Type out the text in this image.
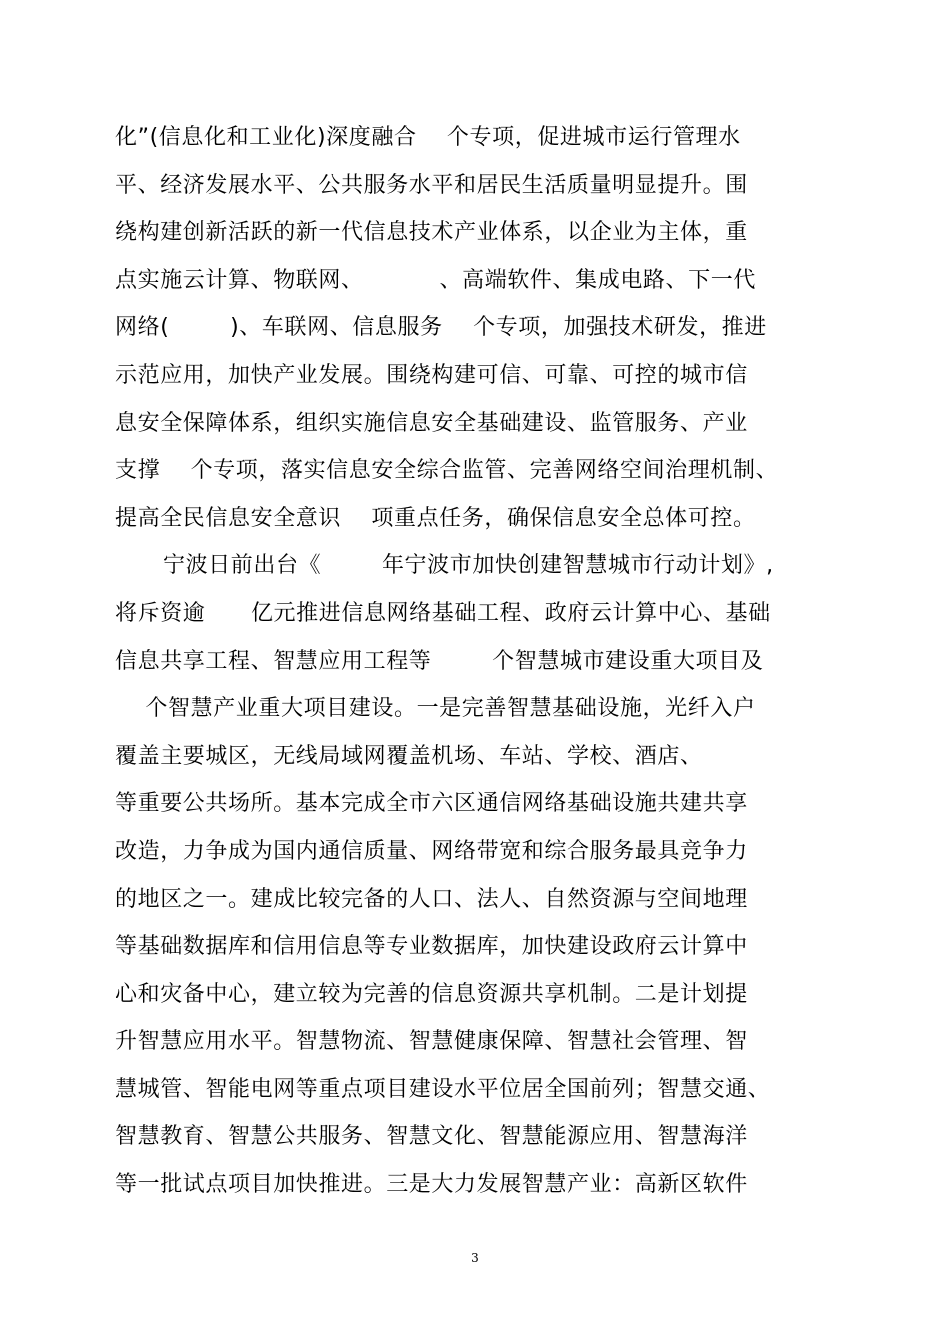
化”(信息化和工业化)深度融合    个专项，促进城市运行管理水
平、经济发展水平、公共服务水平和居民生活质量明显提升。围
绕构建创新活跃的新一代信息技术产业体系，以企业为主体，重
点实施云计算、物联网、          、高端软件、集成电路、下一代
网络(        )、车联网、信息服务    个专项，加强技术研发，推进
示范应用，加快产业发展。围绕构建可信、可靠、可控的城市信
息安全保障体系，组织实施信息安全基础建设、监管服务、产业
支撑    个专项，落实信息安全综合监管、完善网络空间治理机制、
提高全民信息安全意识    项重点任务，确保信息安全总体可控。
宁波日前出台《        年宁波市加快创建智慧城市行动计划》,
将斥资逾      亿元推进信息网络基础工程、政府云计算中心、基础
信息共享工程、智慧应用工程等        个智慧城市建设重大项目及
个智慧产业重大项目建设。一是完善智慧基础设施，光纤入户
覆盖主要城区，无线局域网覆盖机场、车站、学校、酒店、
等重要公共场所。基本完成全市六区通信网络基础设施共建共享
改造，力争成为国内通信质量、网络带宽和综合服务最具竞争力
的地区之一。建成比较完备的人口、法人、自然资源与空间地理
等基础数据库和信用信息等专业数据库，加快建设政府云计算中
心和灾备中心，建立较为完善的信息资源共享机制。二是计划提
升智慧应用水平。智慧物流、智慧健康保障、智慧社会管理、智
慧城管、智能电网等重点项目建设水平位居全国前列；智慧交通、
智慧教育、智慧公共服务、智慧文化、智慧能源应用、智慧海洋
等一批试点项目加快推进。三是大力发展智慧产业：高新区软件
3
